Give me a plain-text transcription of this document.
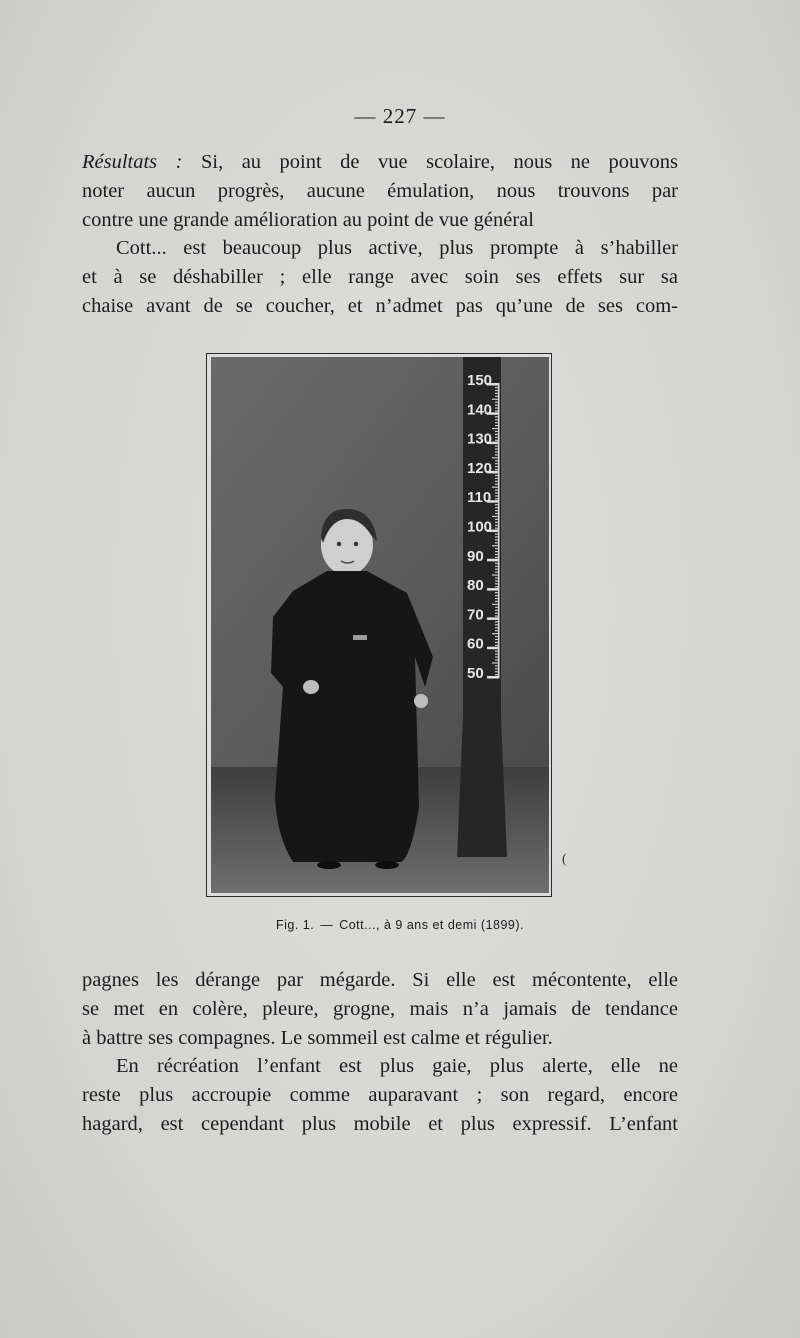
— 227 —
Résultats : Si, au point de vue scolaire, nous ne pouvons
noter aucun progrès, aucune émulation, nous trouvons par
contre une grande amélioration au point de vue général
Cott... est beaucoup plus active, plus prompte à s’habiller
et à se déshabiller ; elle range avec soin ses effets sur sa
chaise avant de se coucher, et n’admet pas qu’une de ses com-
150
140
130
120
110
100
90
80
70
60
50
(
Fig. 1. — Cott..., à 9 ans et demi (1899).
pagnes les dérange par mégarde. Si elle est mécontente, elle
se met en colère, pleure, grogne, mais n’a jamais de tendance
à battre ses compagnes. Le sommeil est calme et régulier.
En récréation l’enfant est plus gaie, plus alerte, elle ne
reste plus accroupie comme auparavant ; son regard, encore
hagard, est cependant plus mobile et plus expressif. L’enfant
